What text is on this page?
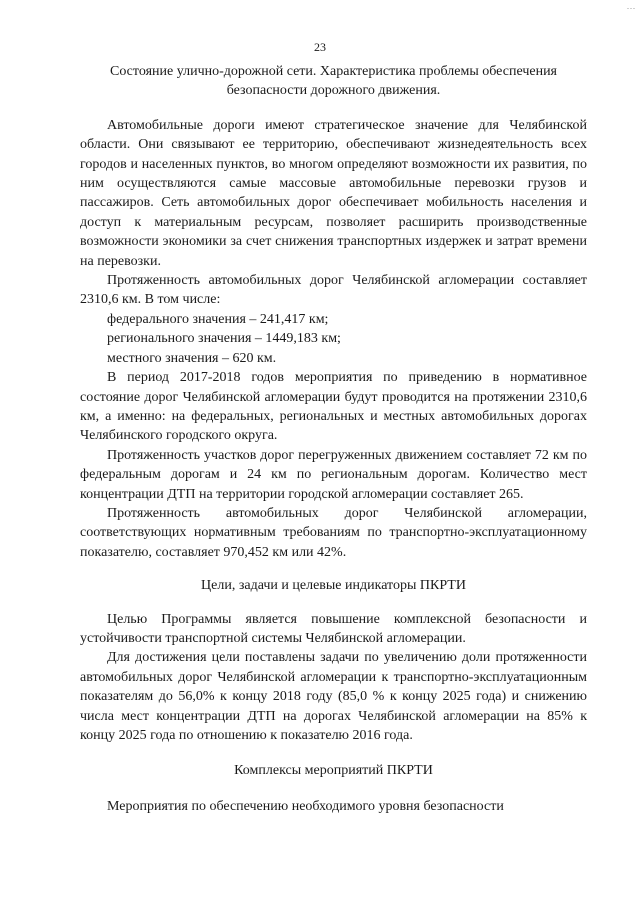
...
23

Состояние улично-дорожной сети. Характеристика проблемы обеспечения безопасности дорожного движения.

Автомобильные дороги имеют стратегическое значение для Челябинской области. Они связывают ее территорию, обеспечивают жизнедеятельность всех городов и населенных пунктов, во многом определяют возможности их развития, по ним осуществляются самые массовые автомобильные перевозки грузов и пассажиров. Сеть автомобильных дорог обеспечивает мобильность населения и доступ к материальным ресурсам, позволяет расширить производственные возможности экономики за счет снижения транспортных издержек и затрат времени на перевозки.

Протяженность автомобильных дорог Челябинской агломерации составляет 2310,6 км. В том числе:

федерального значения – 241,417 км;

регионального значения – 1449,183 км;

местного значения – 620 км.

В период 2017-2018 годов мероприятия по приведению в нормативное состояние дорог Челябинской агломерации будут проводится на протяжении 2310,6 км, а именно: на федеральных, региональных и местных автомобильных дорогах Челябинского городского округа.

Протяженность участков дорог перегруженных движением составляет 72 км по федеральным дорогам и 24 км по региональным дорогам. Количество мест концентрации ДТП на территории городской агломерации составляет 265.

Протяженность автомобильных дорог Челябинской агломерации, соответствующих нормативным требованиям по транспортно-эксплуатационному показателю, составляет 970,452 км или 42%.

Цели, задачи и целевые индикаторы ПКРТИ

Целью Программы является повышение комплексной безопасности и устойчивости транспортной системы Челябинской агломерации.

Для достижения цели поставлены задачи по увеличению доли протяженности автомобильных дорог Челябинской агломерации к транспортно-эксплуатационным показателям до 56,0% к концу 2018 году (85,0 % к концу 2025 года) и снижению числа мест концентрации ДТП на дорогах Челябинской агломерации на 85% к концу 2025 года по отношению к показателю 2016 года.

Комплексы мероприятий ПКРТИ

Мероприятия по обеспечению необходимого уровня безопасности
